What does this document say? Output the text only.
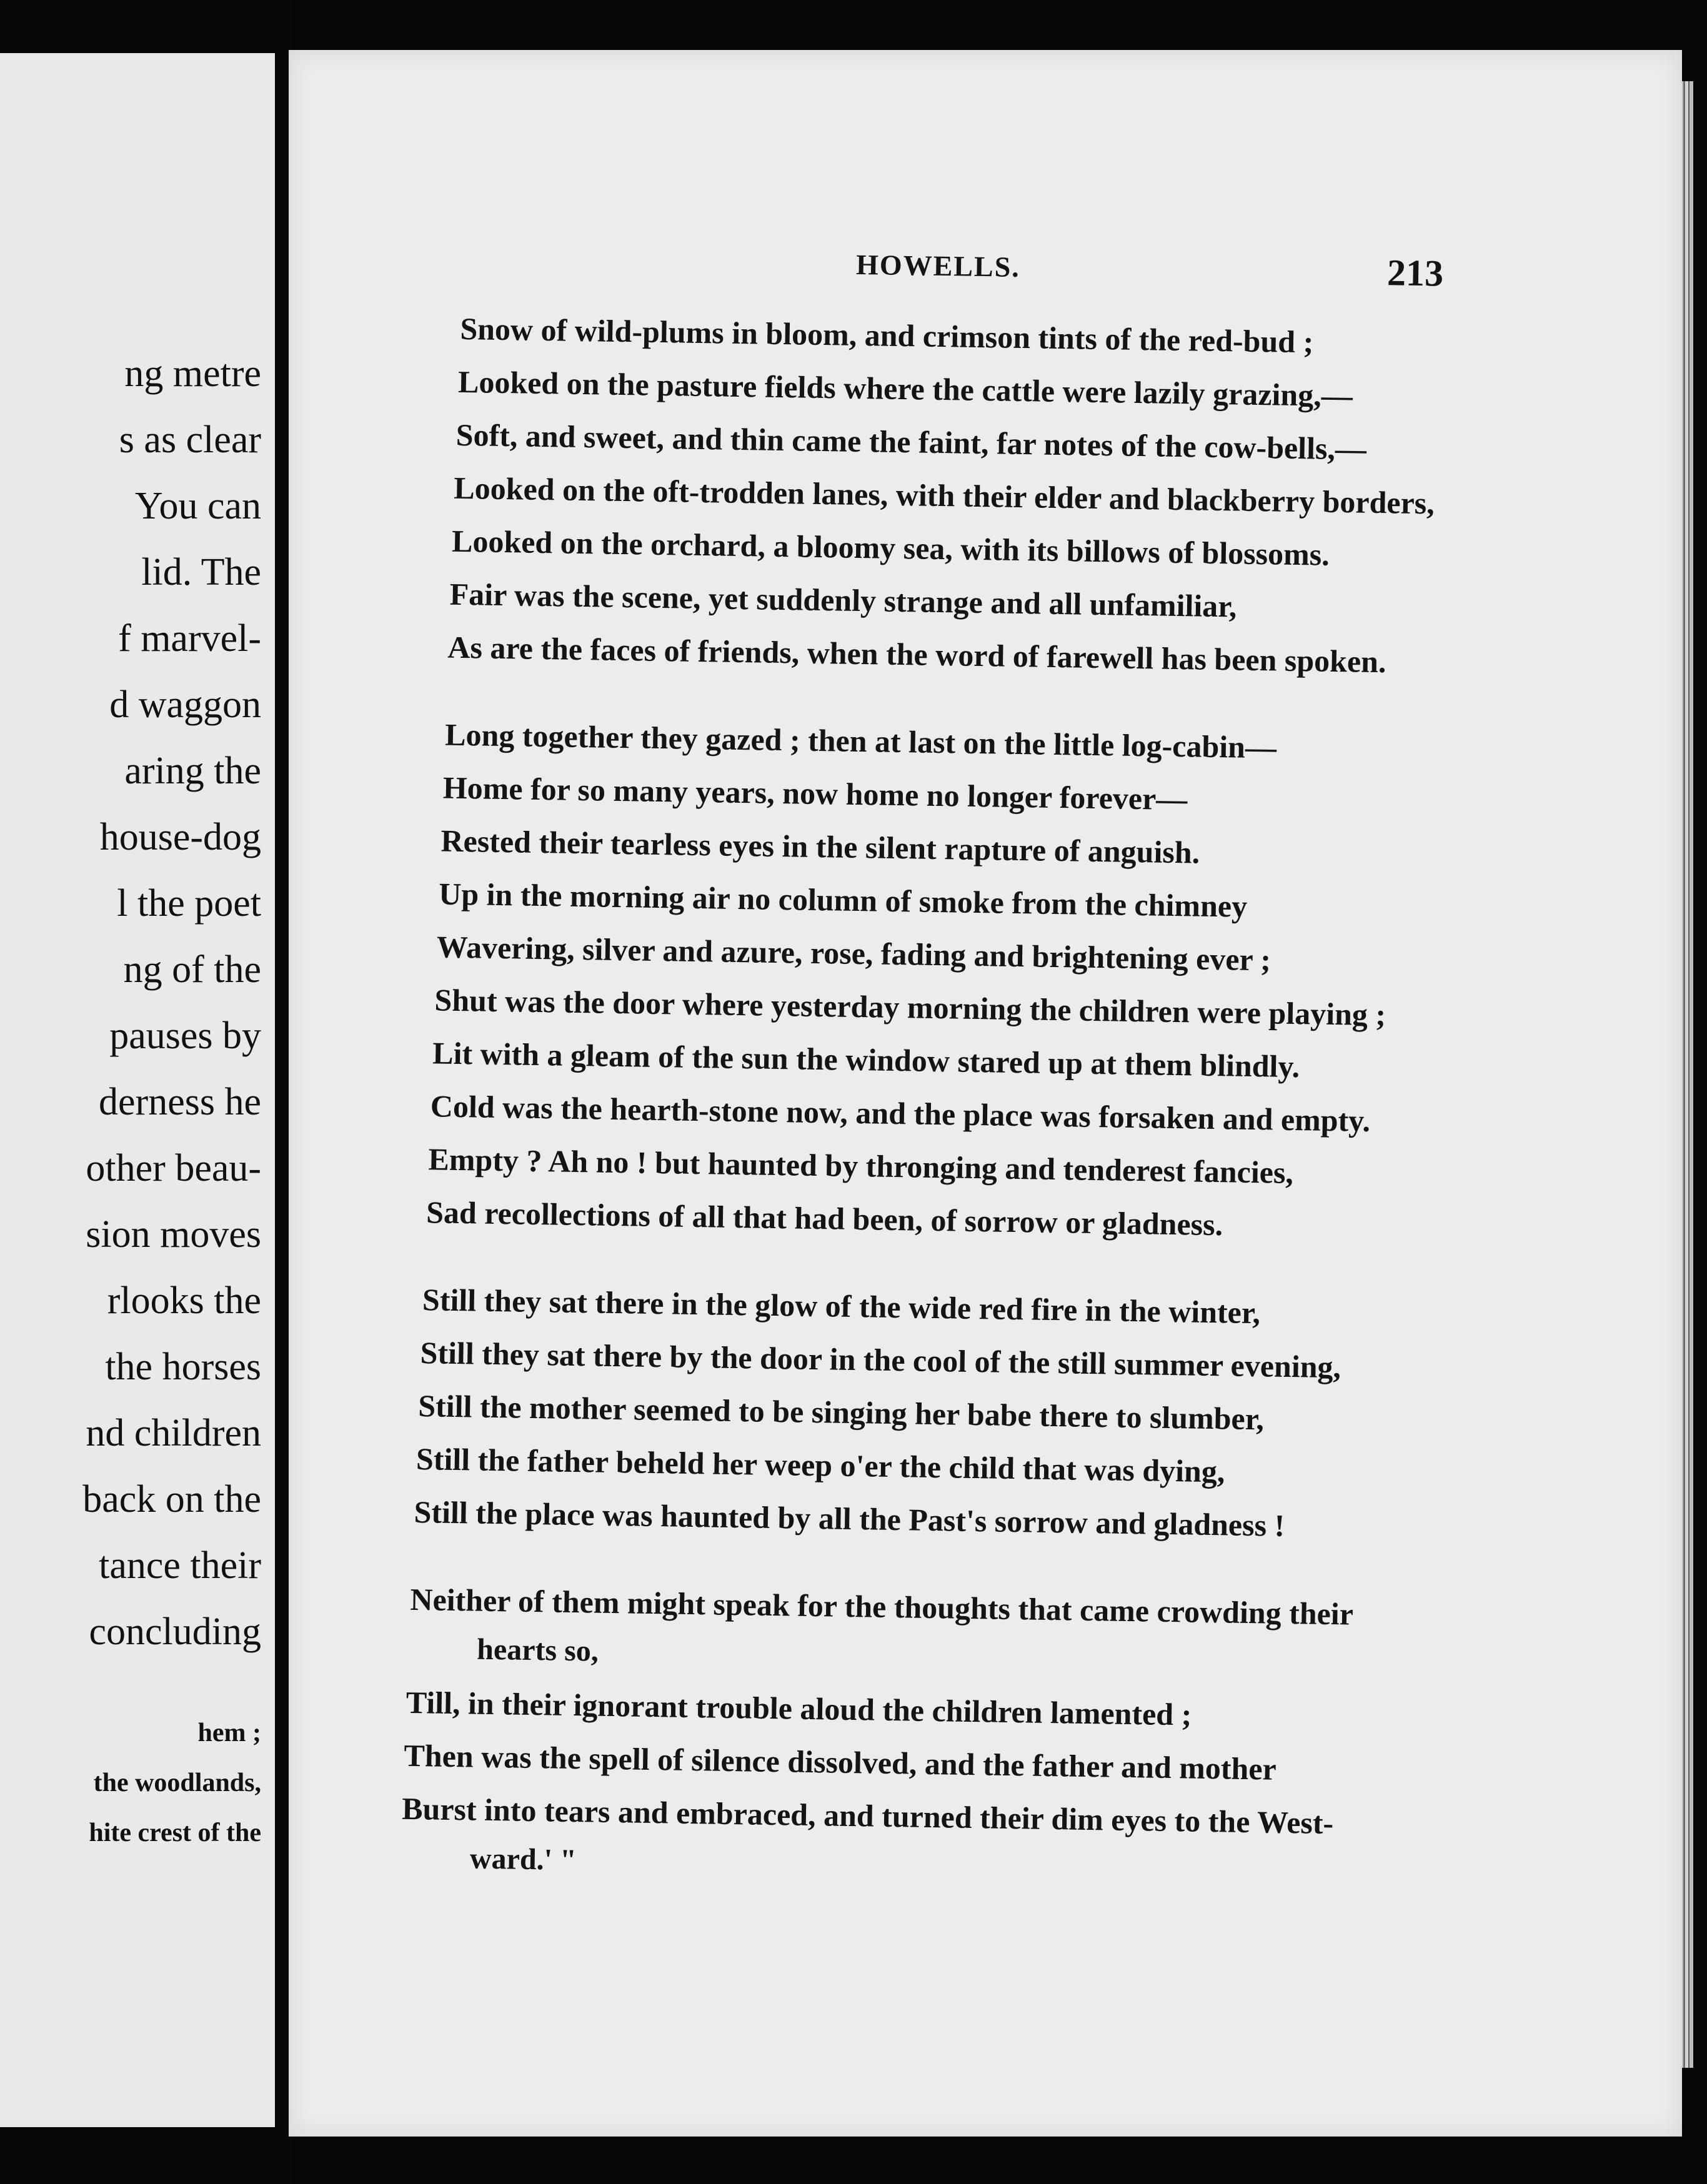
ng metre
s as clear
You can
lid. The
f marvel-
d waggon
aring the
house-dog
l the poet
ng of the
pauses by
derness he
other beau-
sion moves
rlooks the
the horses
nd children
back on the
tance their
concluding
hem ;
the woodlands,
hite crest of the
HOWELLS.	213
Snow of wild-plums in bloom, and crimson tints of the red-bud ;
Looked on the pasture fields where the cattle were lazily grazing,—
Soft, and sweet, and thin came the faint, far notes of the cow-bells,—
Looked on the oft-trodden lanes, with their elder and blackberry borders,
Looked on the orchard, a bloomy sea, with its billows of blossoms.
Fair was the scene, yet suddenly strange and all unfamiliar,
As are the faces of friends, when the word of farewell has been spoken.
Long together they gazed ; then at last on the little log-cabin—
Home for so many years, now home no longer forever—
Rested their tearless eyes in the silent rapture of anguish.
Up in the morning air no column of smoke from the chimney
Wavering, silver and azure, rose, fading and brightening ever ;
Shut was the door where yesterday morning the children were playing ;
Lit with a gleam of the sun the window stared up at them blindly.
Cold was the hearth-stone now, and the place was forsaken and empty.
Empty ? Ah no ! but haunted by thronging and tenderest fancies,
Sad recollections of all that had been, of sorrow or gladness.
Still they sat there in the glow of the wide red fire in the winter,
Still they sat there by the door in the cool of the still summer evening,
Still the mother seemed to be singing her babe there to slumber,
Still the father beheld her weep o'er the child that was dying,
Still the place was haunted by all the Past's sorrow and gladness !
Neither of them might speak for the thoughts that came crowding their
hearts so,
Till, in their ignorant trouble aloud the children lamented ;
Then was the spell of silence dissolved, and the father and mother
Burst into tears and embraced, and turned their dim eyes to the West-
ward.' "
